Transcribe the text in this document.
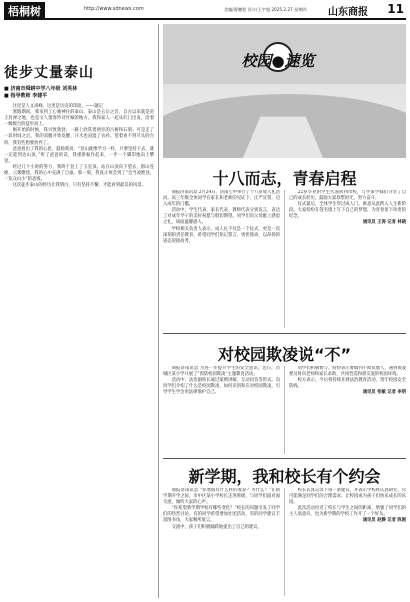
梧桐树	http://www.sdnews.com	美编/曹鹏程 设计/王宇超 2025.2.27 星期四 山东商报 11
徒步丈量泰山
■ 济南市舜耕中学八年级 刘英林
■ 指导教师 李建平

这里是人文高峰，这里是历史的印迹。——题记

寒假期间，我来到了心驰神往的泰山。泰山是五岳之首，自古以来就是帝王封禅之地，也是文人墨客吟诗作赋的地方。我和家人一起从红门出发，沿着一级级台阶徒步而上。

刚开始的时候，我兴致勃勃，一路上欣赏着两旁的古树和石刻。可是走了一段时间之后，我的双腿开始发酸，汗水也浸湿了衣衫。望着看不到尽头的台阶，我有些想要放弃了。

爸爸看出了我的心思，鼓励我说：“登山就像学习一样，只要坚持下去，就一定能到达山顶。”听了爸爸的话，我重新振作起来，一步一个脚印地向上攀登。

经过几个小时的努力，我终于登上了玉皇顶。站在山顶向下望去，群山连绵，云雾缭绕，我的心中充满了自豪。那一刻，我真正体会到了“会当凌绝顶，一览众山小”的意境。

这次徒步泰山的经历让我明白，只有坚持不懈，才能看到最美的风景。

校园●速览
十八而志，青春启程

商报济南讯息 2月24日，济南七中举行了十八岁成人礼活动。高三年级全体同学在家长和老师的见证下，庄严宣誓，迈入成年的门槛。

活动中，学生代表、家长代表、教师代表分别发言，表达了对成年学子的美好祝愿与殷切期望。同学们向父母献上感恩之礼，场面温馨感人。

学校相关负责人表示，成人礼不仅是一个仪式，更是一次深刻的责任教育，希望同学们铭记誓言，勇担使命，以昂扬的姿态迎接高考。

22岁毕业的学生代表回到母校，与学弟学妹们分享了自己的成长经历，鼓励大家珍惜时光，努力奋斗。

仪式最后，全体学生穿过成人门，寓意从此跨入人生新阶段。大家纷纷在签名墙上写下自己的梦想，为青春留下珍贵的纪念。

通讯员 王涛 记者 林晓

对校园欺凌说“不”

商报济南讯息 为进一步提升学生的安全意识，近日，历城区某小学开展了“预防校园欺凌”主题教育活动。

活动中，法治副校长通过案例讲解、互动问答等形式，向同学们介绍了什么是校园欺凌、如何识别和应对校园欺凌，引导学生学会用法律保护自己。

同学们积极参与，纷纷表示要做到不欺负他人，遇到欺凌要及时向老师和家长求助，共同营造和谐友爱的校园环境。

校方表示，今后将持续开展法治教育活动，筑牢校园安全防线。

通讯员 张敏 记者 李明

新学期，我和校长有个约会

商报济南讯息 “你寒假有什么样的收获？为什么？”在新学期开学之际，市中区某小学校长走进班级，与同学们面对面交流，倾听大家的心声。

“你希望新学期学校有哪些变化？”校长的问题引发了同学们的热烈讨论。有的同学希望增加社团活动，有的同学建议丰富图书角，大家畅所欲言。

交流中，孩子们积极踊跃地提出了自己的建议。

校长认真记录下每一条建议，并表示学校将认真研究，尽可能满足同学们的合理需求，让校园成为孩子们快乐成长的乐园。

此次活动拉近了校长与学生之间的距离，增强了同学们的主人翁意识，也为新学期的学校工作开了一个好头。

通讯员 赵静 记者 陈刚
